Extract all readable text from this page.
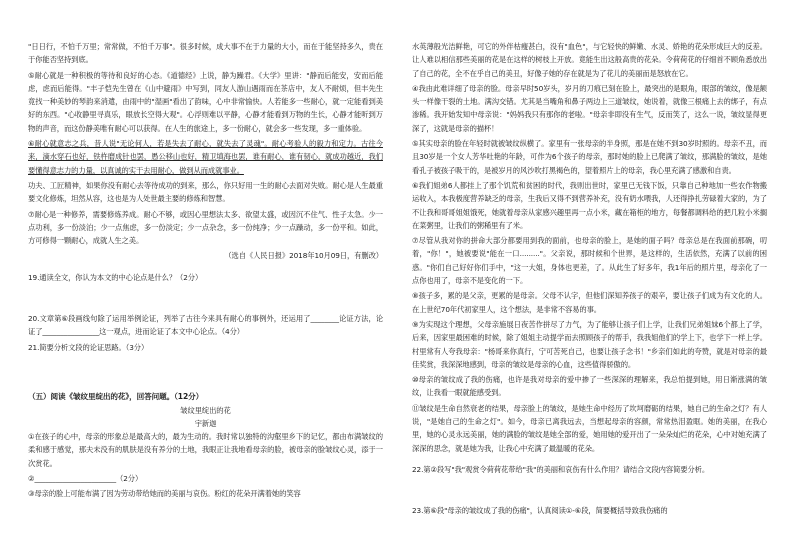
"日日行，不怕千万里；常常做，不怕千万事"。很多时候，成大事不在于力量的大小，而在于能坚持多久，贵在于你能否坚持到底。

⑤耐心就是一种积极的等待和良好的心态。《道德经》上说，静为躁君。《大学》里讲："静而后能安，安而后能虑，虑而后能得。"丰子恺先生曾在《山中避雨》中写到，同友人游山遇雨而在茶店中，友人不耐烦，但丰先生竟找一种美妙的琴韵来消遣，由雨中的"湿画"看出了韵味，心中非常愉快。人若能多一些耐心，就一定能看到美好的东西。"心收静里寻真乐，眼放长空得大观"。心浮则难以平静，心静才能看到万物的生长，心静才能听到万物的声音，而这份静美唯有耐心可以获得。在人生的旅途上，多一份耐心，就会多一些发现，多一重体验。

⑥耐心就意志之兵，昔人说"无论何人，若是失去了耐心，就失去了灵魂"。耐心考验人的毅力和定力。古往今来，滴水穿石也好，铁杵磨成针也罢，愚公移山也好，精卫填海也罢，谁有耐心，谁有韧心，就成功越近，我们要懂得意志力的力量，以真诚的实干去用耐心，做到从而成就事业。

功夫、工匠精神，如果你没有耐心去等待成功的到来，那么，你只好用一生的耐心去面对失败。耐心是人生最重要文化修炼，坦然从容，这也是为人处世最主要的修炼和智慧。

⑦耐心是一种修养，需要修炼养成。耐心不够，或因心里想法太多、欲望太盛，或因沉不住气、性子太急。少一点功利，多一份淡泊；少一点焦虑，多一份淡定；少一点杂念，多一份纯净；少一点躁动，多一份平和。如此，方可修得一颗耐心，成就人生之美。

（选自《人民日报》2018年10月09日，有删改）

19.通读全文，你认为本文的中心论点是什么？（2分）

20.文章第⑥段画线句除了运用举例论证，列举了古往今来具有耐心的事例外，还运用了________论证方法，论证了________________这一观点，进而论证了本文中心论点。（4分）

21.简要分析文段的论证思路。（3分）

（五）阅读《皱纹里绽出的花》，回答问题。（12分）

皱纹里绽出的花

宇新迦

①在孩子的心中，母亲的形象总是最高大的，最为生动的。我时常以独特的沟壑里乡下的记忆，都由布满皱纹的柔和感于感觉，那夫未没有的肌肤是没有养分的土地，我眼正让我地看母亲的脸，被母亲的脸皱纹心灵，添于一次赏花。

②_______________________（2分）

③母亲的脸上可能布满了因为劳动带给她而的美丽与哀伤。粉红的花朵开满着她的笑容

水英薄般光洁鲜艳，可它的外伴枯瘦甚白，没有"血色"，与它轻快的鲜嫩、水灵、娇艳的花朵形成巨大的反差。让人难以相信那些美丽的花是在这样的树枝上开放。竟能生出这般高贵的花朵。令荷荷花的仔细首不顾角悉放出了自己的花，全不在乎自己的美丑，好像子她的存在就是为了花儿的美丽而是怒放在它。

④我由此难详细了母亲的脸。母亲早时50岁头，岁月的刀痕已刻在脸上，最突出的是眼角，眼部的皱纹，像是额头一样像干裂的土地。满沟交错。尤其是当嘴角和鼻子两边上三道皱纹，她说着，就像三根痛上去的绑子，有点渗稀。我开始发知中母亲说："妈妈我只有那你的老啦。"母亲非即没有生气，反而笑了，这么一说，皱纹显得更深了，这就是母亲的描杯！

⑤其实母亲的脸在年轻时就被皱纹纵横了。家里有一张母亲的半身照，那是在她不到30岁时照的。母亲不丑，而且30岁是一个女人芳华吐艳的年龄，可作为6个孩子的母亲，那时她的脸上已爬满了皱纹，那满脸的皱纹，是她看孔子被孩子吸干的，是被岁月的风沙吹打黑褐色的，望着照片上的母亲，我心里充满了感激和自责。

⑥我们姐弟6人都挂上了那个饥荒和贫困的时代，我则出世时，家里已无钱下饭，只靠自己种地加一些农作物搬运收入，本我极度营养缺乏的母亲，生我后又得不到营养补充，没有奶水喂我，人还得挣扎劳碌着大家的，为了不让我和哥哥姐姐饿死，她就着母亲从家感兴趣里再一点小米，藏在箱柜的地方，每餐都调料给的把几粒小米搁在菜粥里，让我们的粥稀里有了米。

⑦尽管从我对你的拼命大部分都要用到我的面前，也母亲的脸上，是她的面子吗？母亲总是在我面前那碗，叨着，"你！"，她被要说"能在一口........."。父亲说，那时候和个世界，是这样的，生活依然，充满了以前的困惑。"你们自己好好你们手中，"这一大姐，身体也更差，了。从此生了好多年，我1年后的照片里，母亲化了一点你也用了，母亲不是变化的一下。

⑧孩子多，累的是父亲，更累的是母亲。父母不认字，但他们深知养孩子的艰辛，要让孩子们成为有文化的人。在上世纪70年代初家里人，这个想法，是非常不容易的事。

⑨为实现这个理想，父母亲施展日夜苦作拼尽了力气，为了能够让孩子们上学，让我们兄弟姐妹6个都上了学，后来，因家里最困难的时候，除了姐姐主动提学而去照顾孩子的帮手，我我姐他们的学上下，也学下一样上学。村里常有人夸我母亲："杨哥来你真行，宁可苦死自己，也要让孩子念书！"乡亲们如此的夸赞，就是对母亲的最佳奖赏，我深深地感到，母亲的皱纹是母亲的心血，这些值得骄傲的。

⑩母亲的皱纹成了我的伤痛，也许是我对母亲的爱中掺了一些深深的理解来，我总怕提到她，用日渐涨满的皱纹，让我看一眼就能感受到。

⑪皱纹是生命自然衰老的结果，母亲脸上的皱纹，是她生命中经历了坎坷磨砺的结果，她自己的生命之灯？有人说，"是她自己的生命之灯"。如今，母亲已离我远去，当想起母亲的容颜，常常热泪盈眶。她的美丽，在我心里，她的心灵永远美丽，她的满脸的皱纹是她全部的爱，她用她的爱开出了一朵朵灿烂的花朵，心中对她充满了深深的思念，就是她为我，让我心中充满了最温暖的花朵。

22.第②段写"我"观赏令荷荷花带给"我"的美丽和哀伤有什么作用？请结合文段内容简要分析。

23.第⑥段"母亲的皱纹成了我的伤痛"，认真阅读①-⑥段，简要概括导致我伤痛的
